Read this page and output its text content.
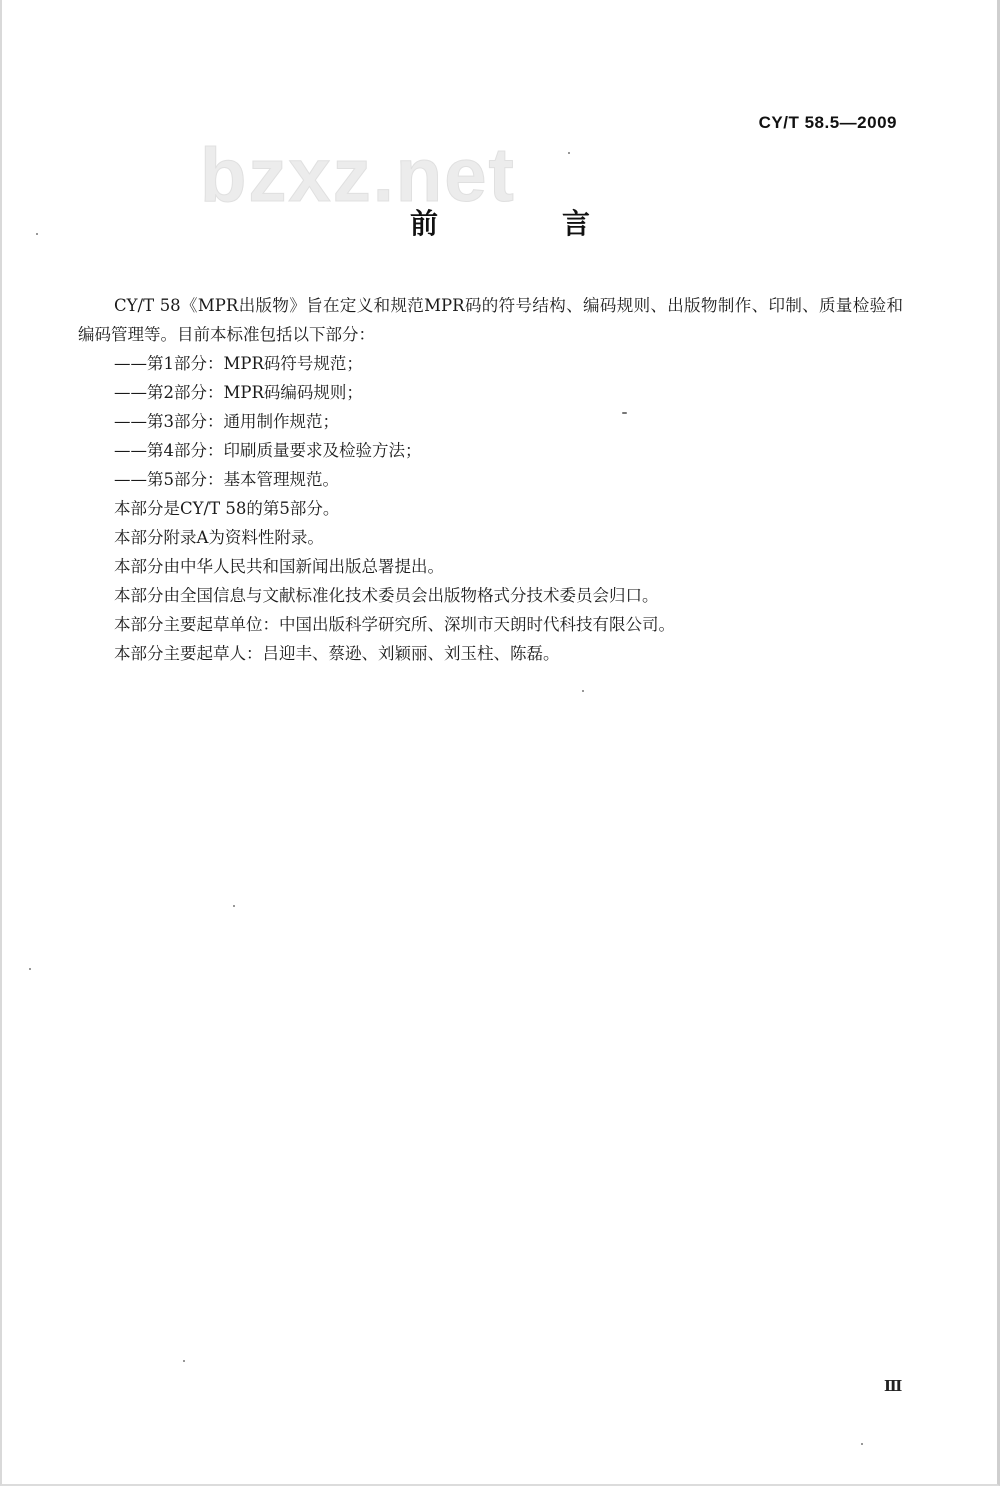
CY/T 58.5—2009
bzxz.net
前　言

CY/T 58《MPR出版物》旨在定义和规范MPR码的符号结构、编码规则、出版物制作、印制、质量检验和编码管理等。目前本标准包括以下部分：

——第1部分：MPR码符号规范；

——第2部分：MPR码编码规则；

——第3部分：通用制作规范；

——第4部分：印刷质量要求及检验方法；

——第5部分：基本管理规范。

本部分是CY/T 58的第5部分。

本部分附录A为资料性附录。

本部分由中华人民共和国新闻出版总署提出。

本部分由全国信息与文献标准化技术委员会出版物格式分技术委员会归口。

本部分主要起草单位：中国出版科学研究所、深圳市天朗时代科技有限公司。

本部分主要起草人：吕迎丰、蔡逊、刘颖丽、刘玉柱、陈磊。

Ⅲ
